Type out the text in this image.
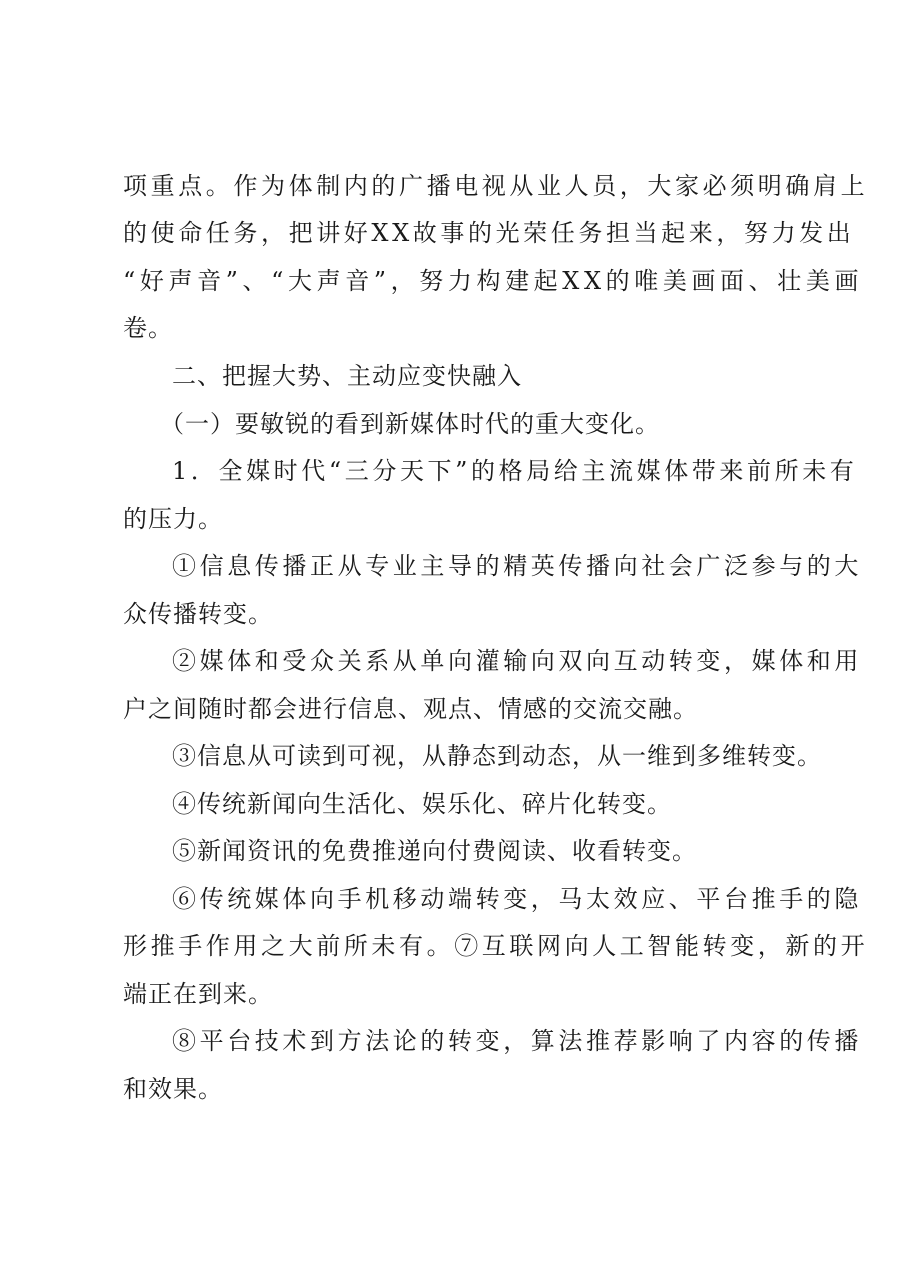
项重点。作为体制内的广播电视从业人员，大家必须明确肩上
的使命任务，把讲好XX故事的光荣任务担当起来，努力发出
“好声音”、“大声音”，努力构建起XX的唯美画面、壮美画
卷。
二、把握大势、主动应变快融入
（一）要敏锐的看到新媒体时代的重大变化。
1．全媒时代“三分天下”的格局给主流媒体带来前所未有
的压力。
①信息传播正从专业主导的精英传播向社会广泛参与的大
众传播转变。
②媒体和受众关系从单向灌输向双向互动转变，媒体和用
户之间随时都会进行信息、观点、情感的交流交融。
③信息从可读到可视，从静态到动态，从一维到多维转变。
④传统新闻向生活化、娱乐化、碎片化转变。
⑤新闻资讯的免费推递向付费阅读、收看转变。
⑥传统媒体向手机移动端转变，马太效应、平台推手的隐
形推手作用之大前所未有。⑦互联网向人工智能转变，新的开
端正在到来。
⑧平台技术到方法论的转变，算法推荐影响了内容的传播
和效果。
